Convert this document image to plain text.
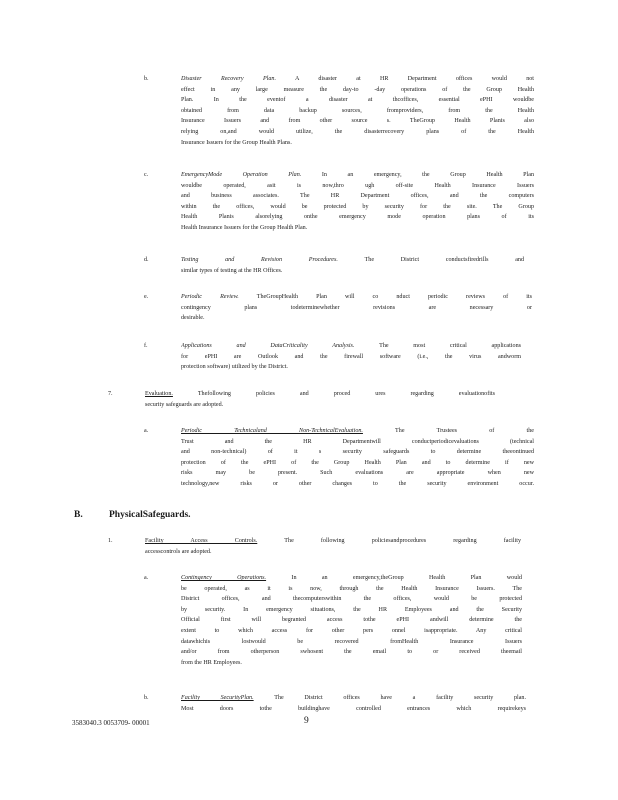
b.	Disaster Recovery Plan.	A disaster at HR Department offices would not
effect in any large measure the day-to -day operations of the Group Health
Plan. In the eventof a disaster at thcoffices, essential ePHI wouldbe
obtained from data backup sources, fromproviders, from the Health
Insurance Issuers and from other source s. TheGroup Health Planis also
relying on,and would utilize, the disasterrecovery plans of the Health
Insurance Issuers for the Group Health Plans.
c.	EmergencyMode Operation Plan.	In an emergency, the Group Health Plan
wouldbe operated, asit is now,thro ugh off-site Health Insurance Issuers
and business associates. The HR Department offices, and the computers
within the offices, would be protected by security for the site. The Group
Health Planis alsorelying onthe emergency mode operation plans of its
Health Insurance Issuers for the Group Health Plan.
d.	Testing and Revision Procedures.	The District conductsfiredrills and
similar types of testing at the HR Offices.
e.	Periodic Review.	TheGroupHealth Plan will co nduct periodic reviews of its
contingency plans todeterminewhether revisions are necessary or
desirable.
f.	Applications and DataCriticality Analysis.	The most critical applications
for ePHI are Outlook and the firewall software (i.e., the virus andworm
protection software) utilized by the District.
7.	Evaluation.	Thefollowing policies and proced ures regarding evaluationofits
security safeguards are adopted.
a.	Periodic Technicaland Non-TechnicalEvaluation.	The Trustees of the
Trust and the HR Departmentwill conductperiodicevaluations (technical
and non-technical) of it s security safeguards to determine theeontinued
protection of the ePHI of the Group Health Plan and to determine if new
risks may be present. Such evaluations are appropriate when new
technology,new risks or other changes to the security environment occur.
B.	PhysicalSafeguards.
1.	Facility Access Controls.	The following policiesandprocedures regarding facility
accesscontrols are adopted.
a.	Contingency Operations.	In an emergency,theGroup Health Plan would
be operated, as it is now, through the Health Insurance Issuers. The
District offices, and thecomputerswithin the offices, would be protected
by security. In emergency situations, the HR Employees and the Security
Official first will begranted access tothe ePHI andwill determine the
extent to which access for other pers onnel isappropriate. Any critical
datawhichis lostwould be recovered fromHealth Insurance Issuers
and/or from otherperson swhosent the email to or received theemail
from the HR Employees.
b.	Facility SecurityPlan.	The District offices have a facility security plan.
Most doors tothe buildinghave controlled entrances which requirekeys
3583040.3 0053709- 00001	9
